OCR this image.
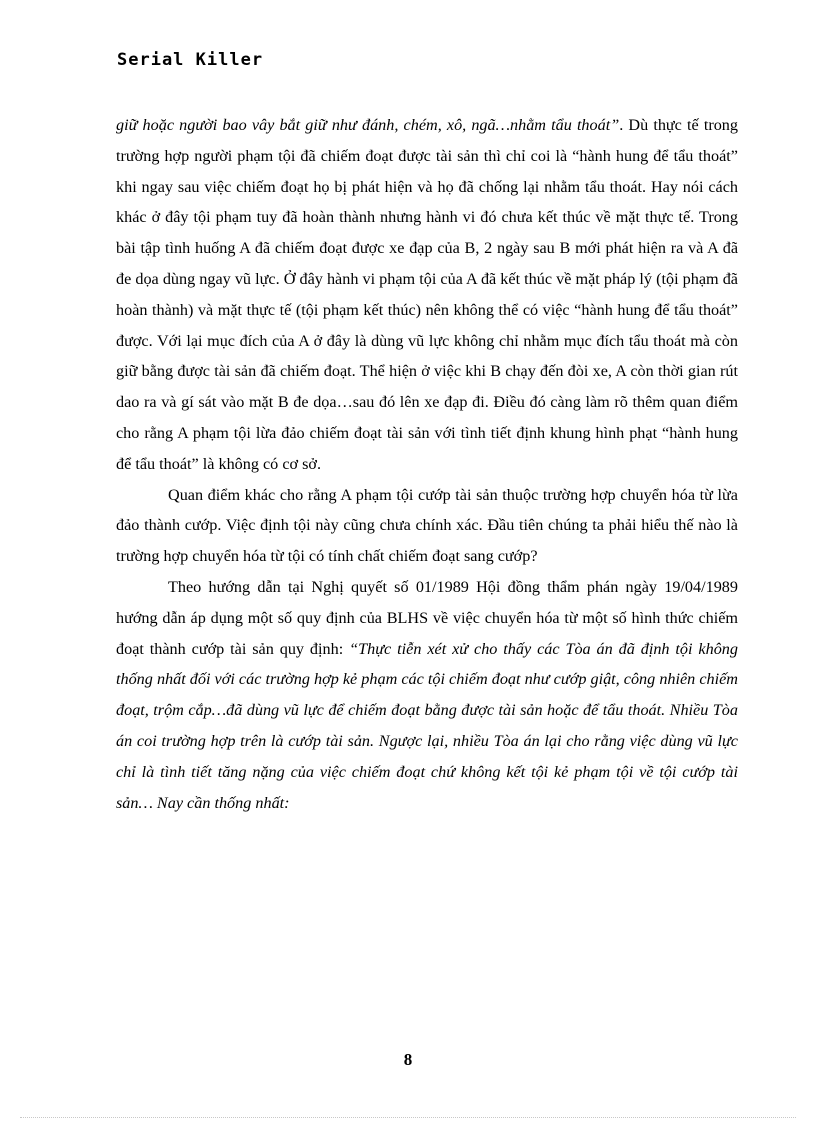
Serial Killer

giữ hoặc người bao vây bắt giữ như đánh, chém, xô, ngã…nhằm tẩu thoát”. Dù thực tế trong trường hợp người phạm tội đã chiếm đoạt được tài sản thì chỉ coi là “hành hung để tẩu thoát” khi ngay sau việc chiếm đoạt họ bị phát hiện và họ đã chống lại nhằm tẩu thoát. Hay nói cách khác ở đây tội phạm tuy đã hoàn thành nhưng hành vi đó chưa kết thúc về mặt thực tế. Trong bài tập tình huống A đã chiếm đoạt được xe đạp của B, 2 ngày sau B mới phát hiện ra và A đã đe dọa dùng ngay vũ lực. Ở đây hành vi phạm tội của A đã kết thúc về mặt pháp lý (tội phạm đã hoàn thành) và mặt thực tế (tội phạm kết thúc) nên không thể có việc “hành hung để tẩu thoát” được. Với lại mục đích của A ở đây là dùng vũ lực không chỉ nhằm mục đích tẩu thoát mà còn giữ bằng được tài sản đã chiếm đoạt. Thể hiện ở việc khi B chạy đến đòi xe, A còn thời gian rút dao ra và gí sát vào mặt B đe dọa…sau đó lên xe đạp đi. Điều đó càng làm rõ thêm quan điểm cho rằng A phạm tội lừa đảo chiếm đoạt tài sản với tình tiết định khung hình phạt “hành hung để tẩu thoát” là không có cơ sở.

Quan điểm khác cho rằng A phạm tội cướp tài sản thuộc trường hợp chuyển hóa từ lừa đảo thành cướp. Việc định tội này cũng chưa chính xác. Đầu tiên chúng ta phải hiểu thế nào là trường hợp chuyển hóa từ tội có tính chất chiếm đoạt sang cướp?

Theo hướng dẫn tại Nghị quyết số 01/1989 Hội đồng thẩm phán ngày 19/04/1989 hướng dẫn áp dụng một số quy định của BLHS về việc chuyển hóa từ một số hình thức chiếm đoạt thành cướp tài sản quy định: “Thực tiễn xét xử cho thấy các Tòa án đã định tội không thống nhất đối với các trường hợp kẻ phạm các tội chiếm đoạt như cướp giật, công nhiên chiếm đoạt, trộm cắp…đã dùng vũ lực để chiếm đoạt bằng được tài sản hoặc để tẩu thoát. Nhiều Tòa án coi trường hợp trên là cướp tài sản. Ngược lại, nhiều Tòa án lại cho rằng việc dùng vũ lực chỉ là tình tiết tăng nặng của việc chiếm đoạt chứ không kết tội kẻ phạm tội về tội cướp tài sản… Nay cần thống nhất:

8
